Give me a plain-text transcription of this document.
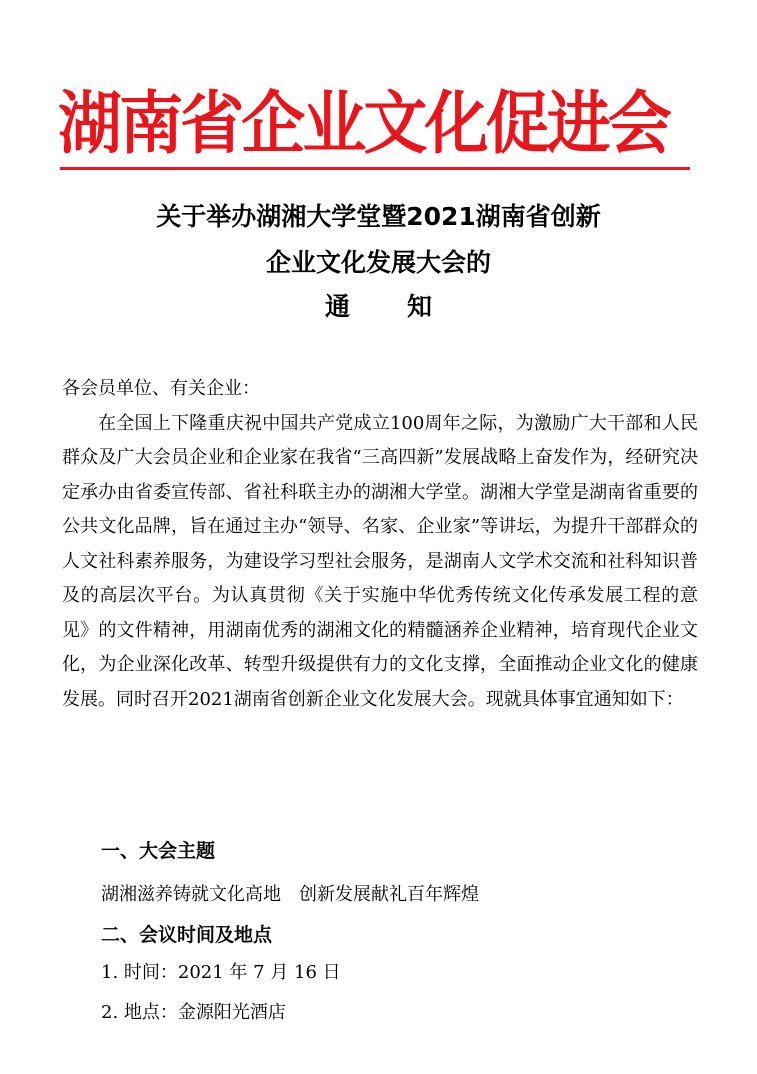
湖南省企业文化促进会
关于举办湖湘大学堂暨2021湖南省创新
企业文化发展大会的
通　知

各会员单位、有关企业：

在全国上下隆重庆祝中国共产党成立100周年之际，为激励广大干部和人民群众及广大会员企业和企业家在我省“三高四新”发展战略上奋发作为，经研究决定承办由省委宣传部、省社科联主办的湖湘大学堂。湖湘大学堂是湖南省重要的公共文化品牌，旨在通过主办“领导、名家、企业家”等讲坛，为提升干部群众的人文社科素养服务，为建设学习型社会服务，是湖南人文学术交流和社科知识普及的高层次平台。为认真贯彻《关于实施中华优秀传统文化传承发展工程的意见》的文件精神，用湖南优秀的湖湘文化的精髓涵养企业精神，培育现代企业文化，为企业深化改革、转型升级提供有力的文化支撑，全面推动企业文化的健康发展。同时召开2021湖南省创新企业文化发展大会。现就具体事宜通知如下：

一、大会主题
湖湘滋养铸就文化高地　创新发展献礼百年辉煌
二、会议时间及地点
1. 时间：2021 年 7 月 16 日
2. 地点：金源阳光酒店
